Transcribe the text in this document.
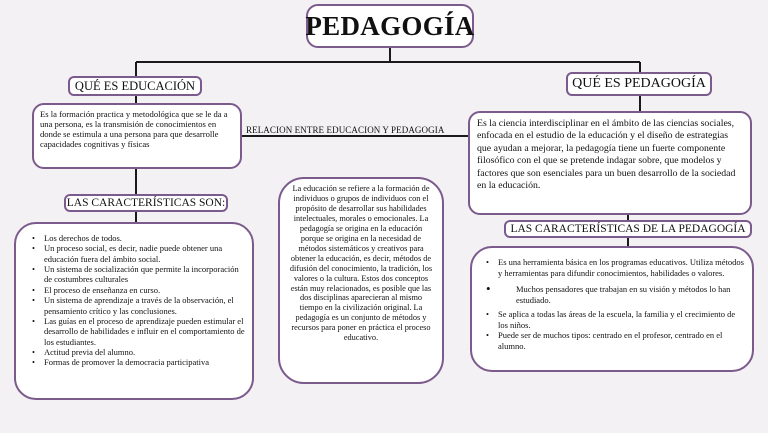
PEDAGOGÍA
QUÉ ES EDUCACIÓN	QUÉ ES PEDAGOGÍA
RELACION ENTRE EDUCACION Y PEDAGOGIA

Es la formación practica y metodológica que se le da a una persona, es la transmisión de conocimientos en donde se estimula a una persona para que desarrolle capacidades cognitivas y físicas

Es la ciencia interdisciplinar en el ámbito de las ciencias sociales, enfocada en el estudio de la educación y el diseño de estrategias que ayudan a mejorar, la pedagogía tiene un fuerte componente filosófico con el que se pretende indagar sobre, que modelos y factores que son esenciales para un buen desarrollo de la sociedad en la educación.

La educación se refiere a la formación de individuos o grupos de individuos con el propósito de desarrollar sus habilidades intelectuales, morales o emocionales. La pedagogía se origina en la educación porque se origina en la necesidad de métodos sistemáticos y creativos para obtener la educación, es decir, métodos de difusión del conocimiento, la tradición, los valores o la cultura. Estos dos conceptos están muy relacionados, es posible que las dos disciplinas aparecieran al mismo tiempo en la civilización original. La pedagogía es un conjunto de métodos y recursos para poner en práctica el proceso educativo.

LAS CARACTERÍSTICAS SON:
LAS CARACTERÍSTICAS DE LA PEDAGOGÍA
• Los derechos de todos.
• Un proceso social, es decir, nadie puede obtener una educación fuera del ámbito social.
• Un sistema de socialización que permite la incorporación de costumbres culturales
• El proceso de enseñanza en curso.
• Un sistema de aprendizaje a través de la observación, el pensamiento crítico y las conclusiones.
• Las guías en el proceso de aprendizaje pueden estimular el desarrollo de habilidades e influir en el comportamiento de los estudiantes.
• Actitud previa del alumno.
• Formas de promover la democracia participativa
• Es una herramienta básica en los programas educativos. Utiliza métodos y herramientas para difundir conocimientos, habilidades o valores.
• Muchos pensadores que trabajan en su visión y métodos lo han estudiado.
• Se aplica a todas las áreas de la escuela, la familia y el crecimiento de los niños.
• Puede ser de muchos tipos: centrado en el profesor, centrado en el alumno.
